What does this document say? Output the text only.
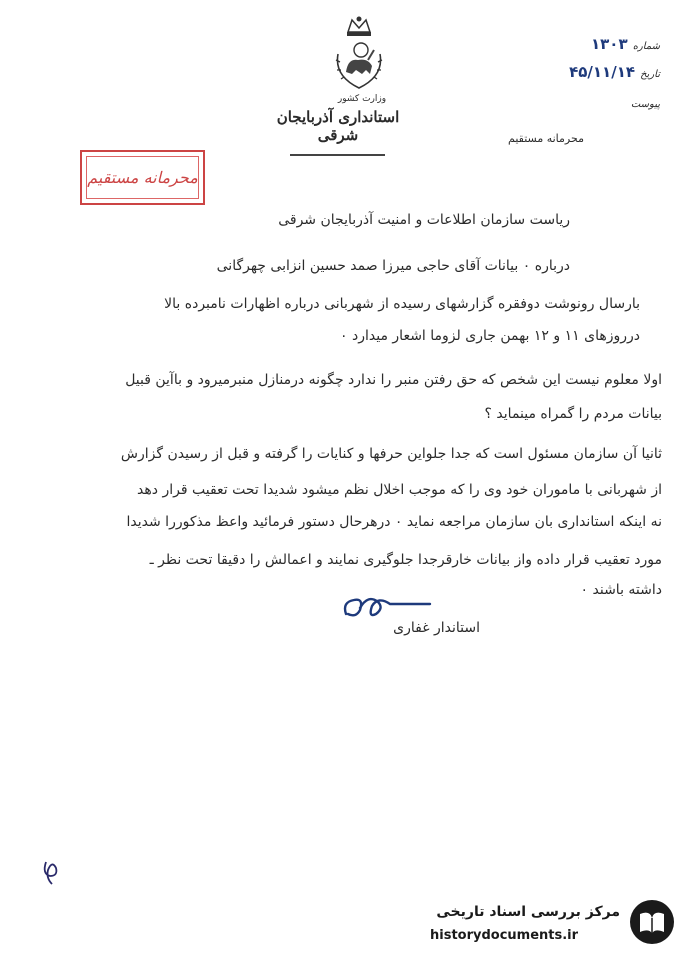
وزارت کشور
استانداری آذربایجان شرقی
شماره ۱۳۰۳
تاریخ ۴۵/۱۱/۱۴
پیوست
محرمانه مستقیم
محرمانه مستقیم
ریاست سازمان اطلاعات و امنیت آذربایجان شرقی
درباره ۰ بیانات آقای حاجی میرزا صمد حسین انزابی چهرگانی
بارسال رونوشت دوفقره گزارشهای رسیده از شهربانی درباره اظهارات نامبرده بالا
درروزهای ۱۱ و ۱۲ بهمن جاری لزوما اشعار میدارد ۰
اولا معلوم نیست این شخص که حق رفتن منبر را ندارد چگونه درمنازل منبرمیرود و باآین قبیل
بیانات مردم را گمراه مینماید ؟
ثانیا آن سازمان مسئول است که جدا جلواین حرفها و کنایات را گرفته و قبل از رسیدن گزارش
از شهربانی با ماموران خود وی را که موجب اخلال نظم میشود شدیدا تحت تعقیب قرار دهد
نه اینکه استانداری بان سازمان مراجعه نماید ۰ درهرحال دستور فرمائید واعظ مذکوررا شدیدا
مورد تعقیب قرار داده واز بیانات خارقرجدا جلوگیری نمایند و اعمالش را دقیقا تحت نظر ـ
داشته باشند ۰
استاندار غفاری
مرکز بررسی اسناد تاریخی
historydocuments.ir
